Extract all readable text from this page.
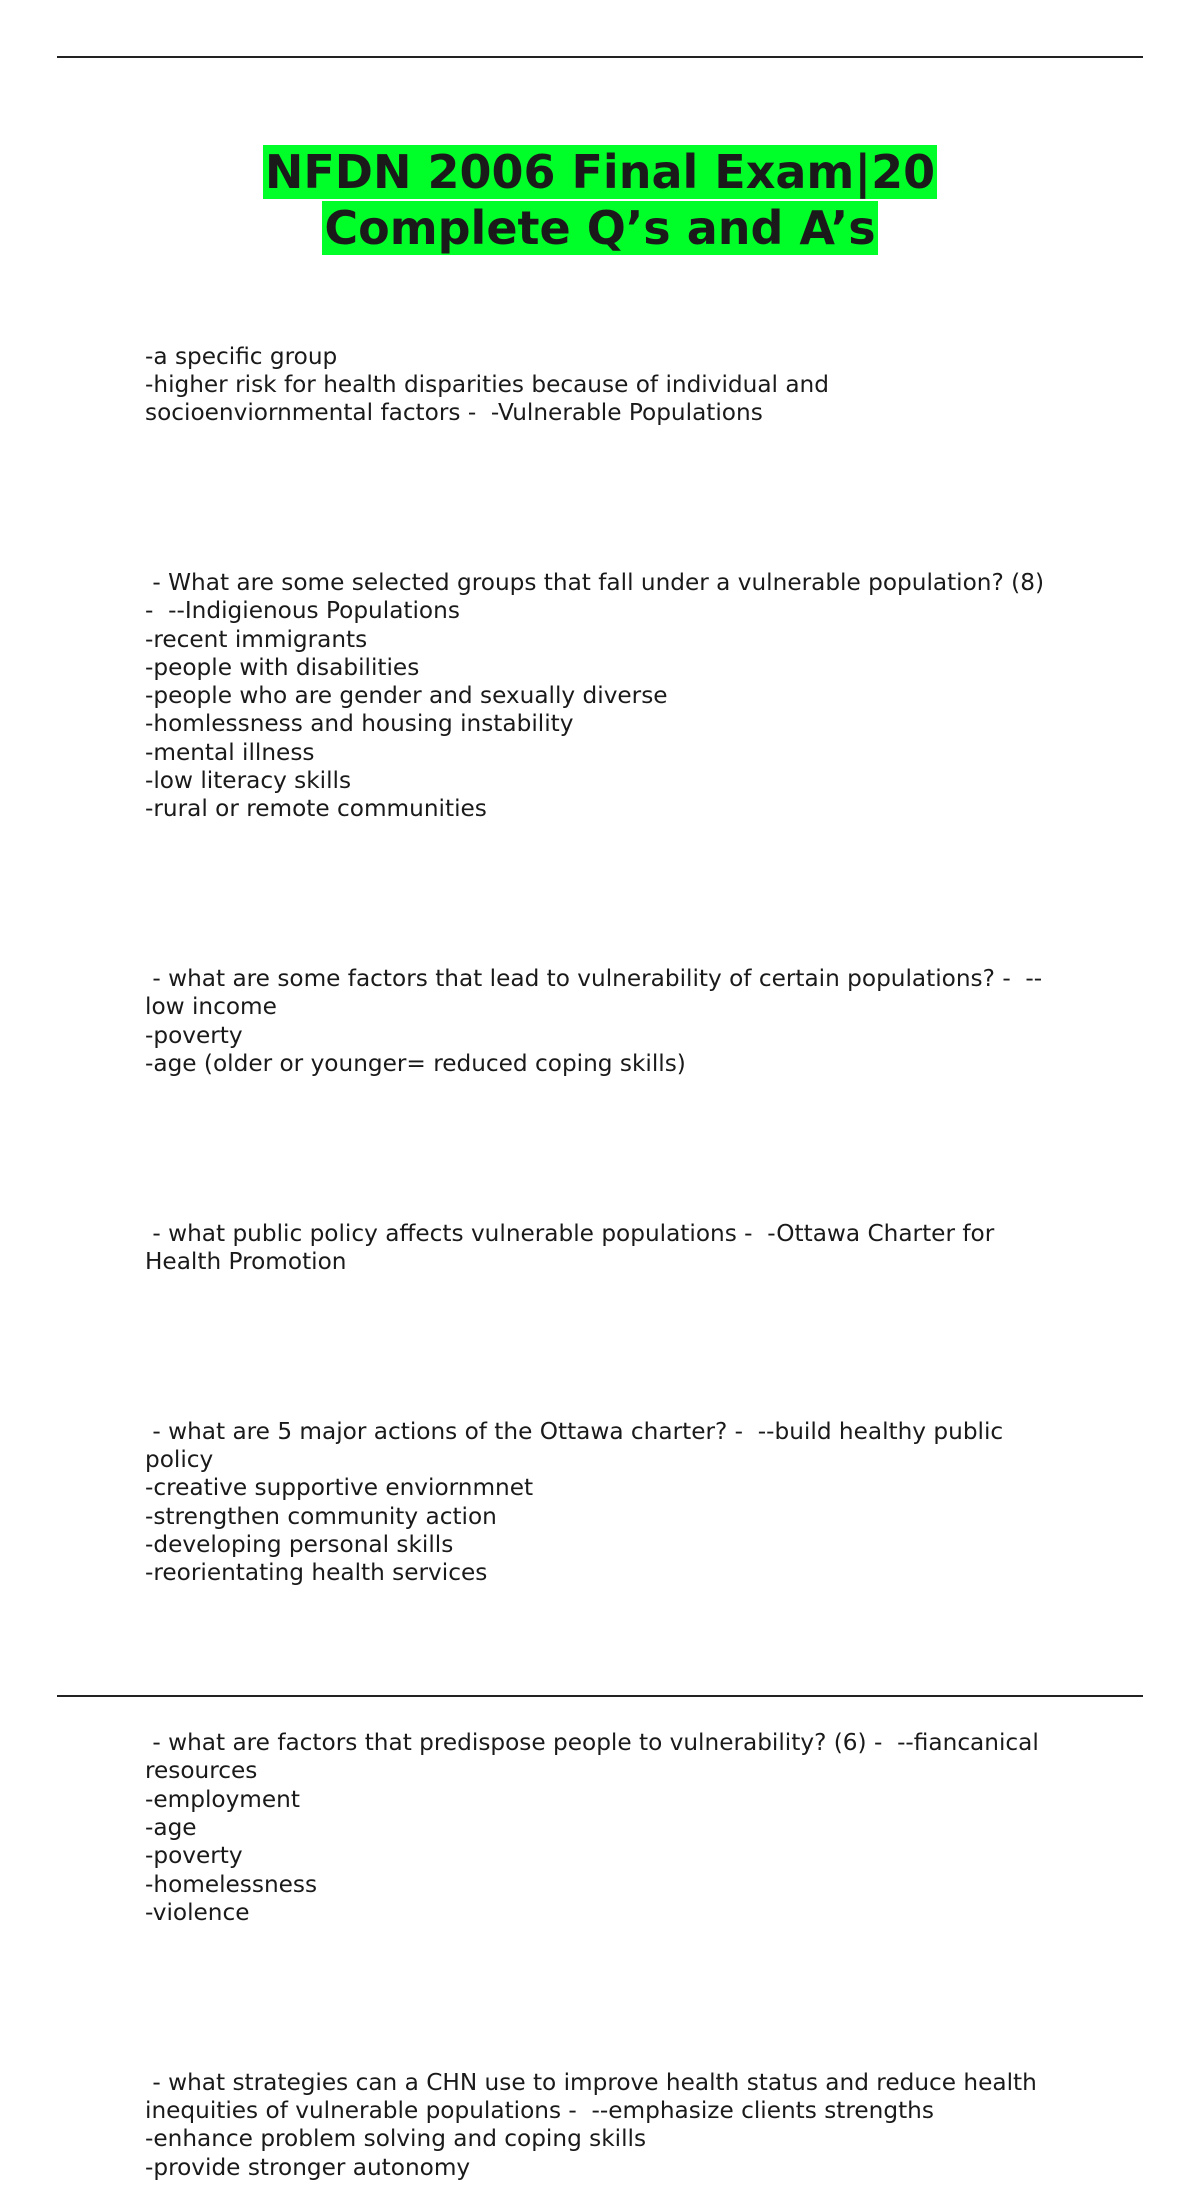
NFDN 2006 Final Exam|20
Complete Q’s and A’s

-a specific group
-higher risk for health disparities because of individual and
socioenviornmental factors -  -Vulnerable Populations

- What are some selected groups that fall under a vulnerable population? (8)
-  --Indigienous Populations
-recent immigrants
-people with disabilities
-people who are gender and sexually diverse
-homlessness and housing instability
-mental illness
-low literacy skills
-rural or remote communities

- what are some factors that lead to vulnerability of certain populations? -  --
low income
-poverty
-age (older or younger= reduced coping skills)

- what public policy affects vulnerable populations -  -Ottawa Charter for
Health Promotion

- what are 5 major actions of the Ottawa charter? -  --build healthy public
policy
-creative supportive enviornmnet
-strengthen community action
-developing personal skills
-reorientating health services

- what are factors that predispose people to vulnerability? (6) -  --fiancanical
resources
-employment
-age
-poverty
-homelessness
-violence

- what strategies can a CHN use to improve health status and reduce health
inequities of vulnerable populations -  --emphasize clients strengths
-enhance problem solving and coping skills
-provide stronger autonomy
